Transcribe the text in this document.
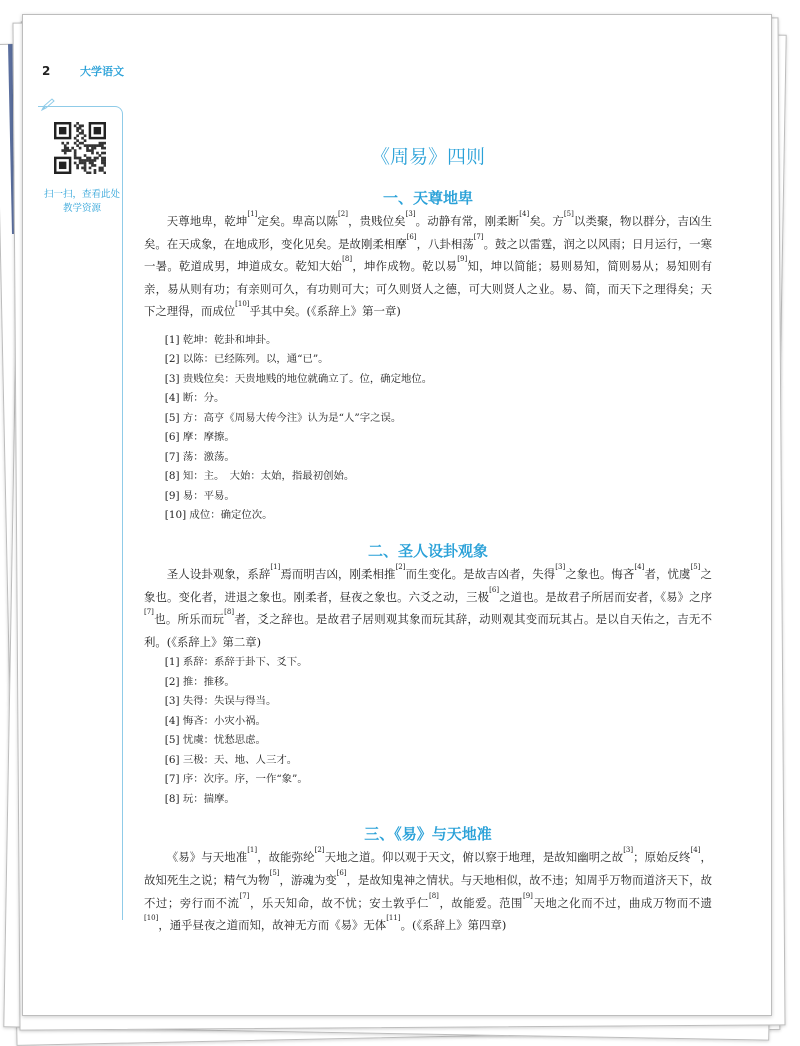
2	大学语文
扫一扫，查看此处教学资源
《周易》四则
一、天尊地卑

天尊地卑，乾坤[1]定矣。卑高以陈[2]，贵贱位矣[3]。动静有常，刚柔断[4]矣。方[5]以类聚，物以群分，吉凶生矣。在天成象，在地成形，变化见矣。是故刚柔相摩[6]，八卦相荡[7]。鼓之以雷霆，润之以风雨；日月运行，一寒一暑。乾道成男，坤道成女。乾知大始[8]，坤作成物。乾以易[9]知，坤以简能；易则易知，简则易从；易知则有亲，易从则有功；有亲则可久，有功则可大；可久则贤人之德，可大则贤人之业。易、简，而天下之理得矣；天下之理得，而成位[10]乎其中矣。(《系辞上》第一章)

[1] 乾坤：乾卦和坤卦。
[2] 以陈：已经陈列。以，通“已”。
[3] 贵贱位矣：天贵地贱的地位就确立了。位，确定地位。
[4] 断：分。
[5] 方：高亨《周易大传今注》认为是“人”字之误。
[6] 摩：摩擦。
[7] 荡：激荡。
[8] 知：主。　大始：太始，指最初创始。
[9] 易：平易。
[10] 成位：确定位次。
二、圣人设卦观象

圣人设卦观象，系辞[1]焉而明吉凶，刚柔相推[2]而生变化。是故吉凶者，失得[3]之象也。悔吝[4]者，忧虞[5]之象也。变化者，进退之象也。刚柔者，昼夜之象也。六爻之动，三极[6]之道也。是故君子所居而安者，《易》之序[7]也。所乐而玩[8]者，爻之辞也。是故君子居则观其象而玩其辞，动则观其变而玩其占。是以自天佑之，吉无不利。(《系辞上》第二章)

[1] 系辞：系辞于卦下、爻下。
[2] 推：推移。
[3] 失得：失误与得当。
[4] 悔吝：小灾小祸。
[5] 忧虞：忧愁思虑。
[6] 三极：天、地、人三才。
[7] 序：次序。序，一作“象”。
[8] 玩：揣摩。
三、《易》与天地准

《易》与天地准[1]，故能弥纶[2]天地之道。仰以观于天文，俯以察于地理，是故知幽明之故[3]；原始反终[4]，故知死生之说；精气为物[5]，游魂为变[6]，是故知鬼神之情状。与天地相似，故不违；知周乎万物而道济天下，故不过；旁行而不流[7]，乐天知命，故不忧；安土敦乎仁[8]，故能爱。范围[9]天地之化而不过，曲成万物而不遗[10]，通乎昼夜之道而知，故神无方而《易》无体[11]。(《系辞上》第四章)
